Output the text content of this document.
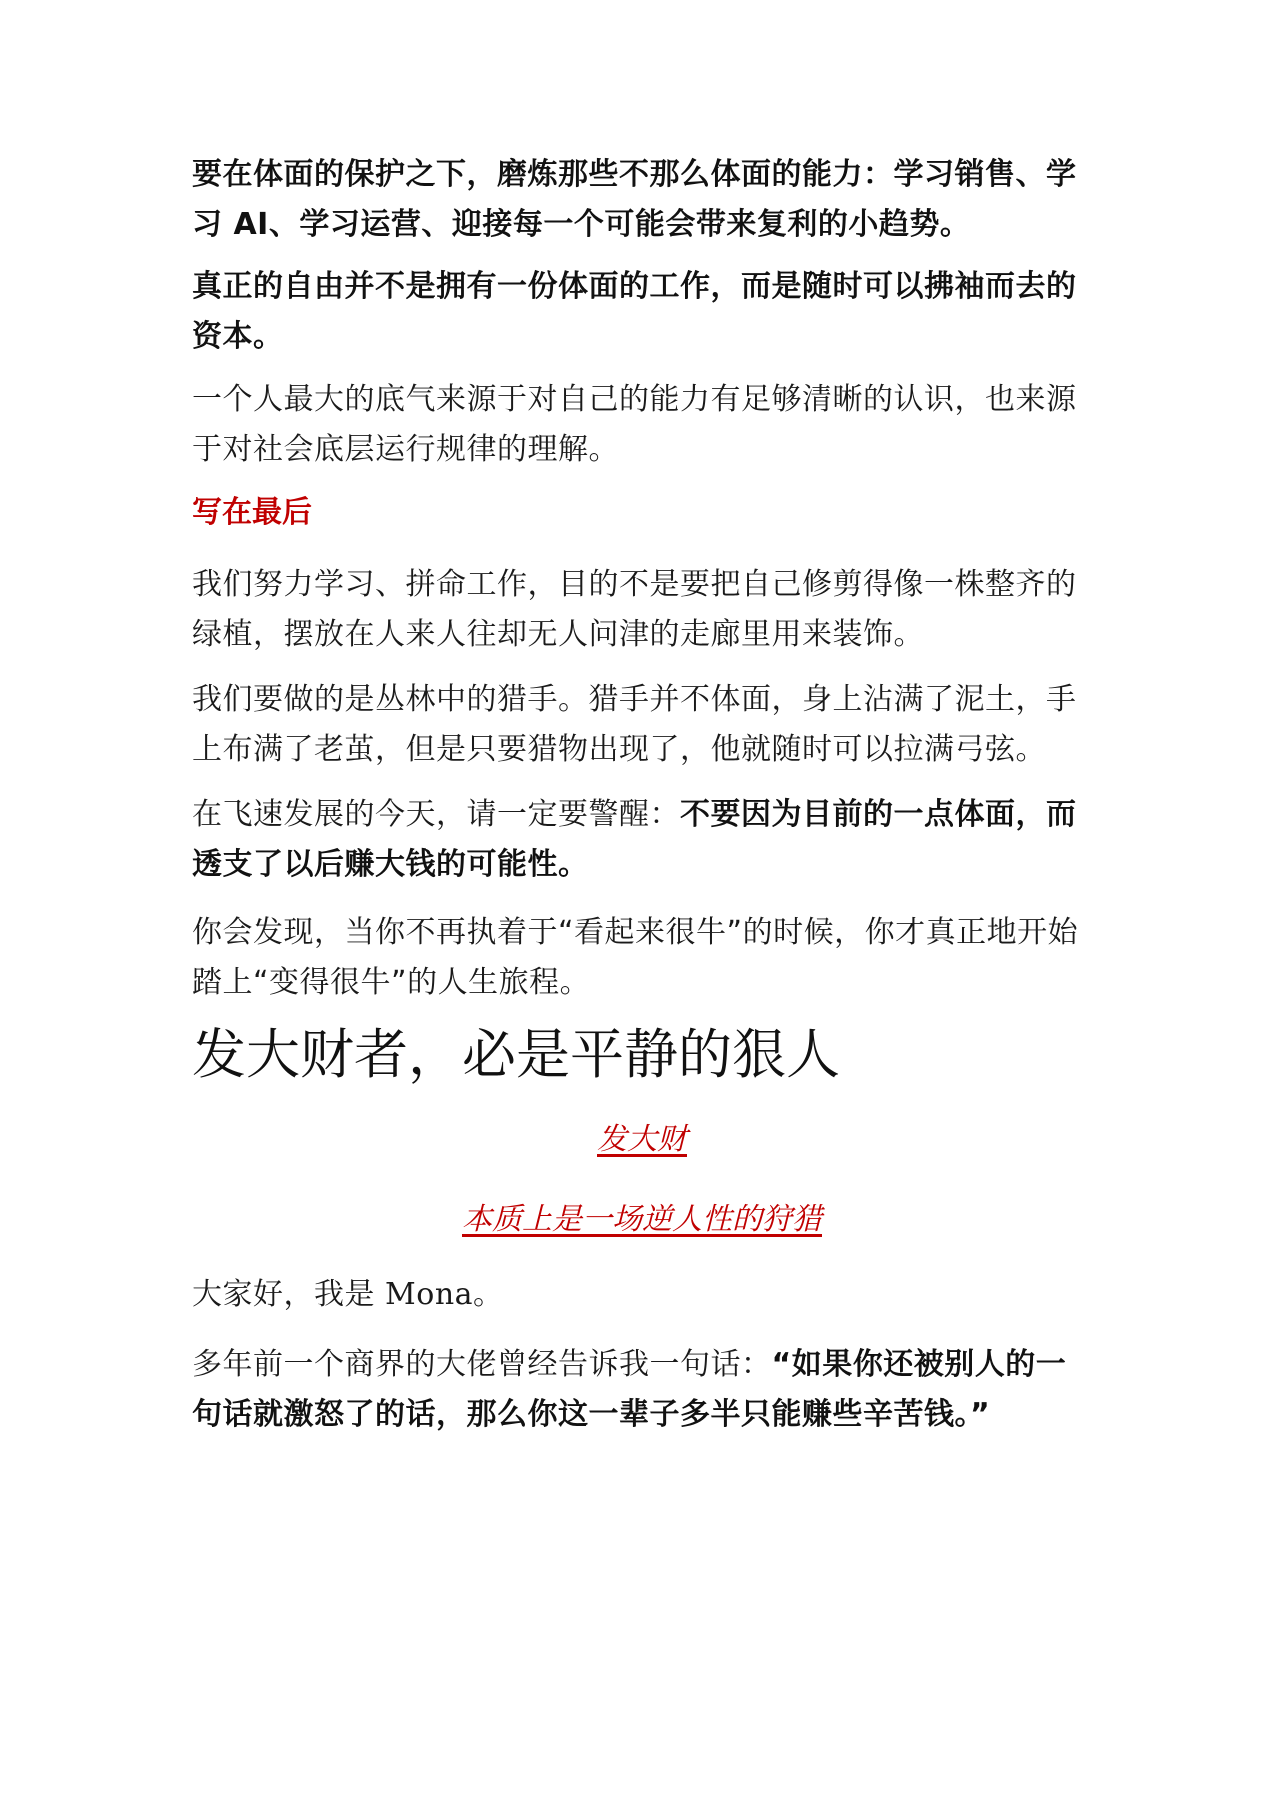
要在体面的保护之下，磨炼那些不那么体面的能力：学习销售、学习 AI、学习运营、迎接每一个可能会带来复利的小趋势。

真正的自由并不是拥有一份体面的工作，而是随时可以拂袖而去的资本。

一个人最大的底气来源于对自己的能力有足够清晰的认识，也来源于对社会底层运行规律的理解。

写在最后

我们努力学习、拼命工作，目的不是要把自己修剪得像一株整齐的绿植，摆放在人来人往却无人问津的走廊里用来装饰。

我们要做的是丛林中的猎手。猎手并不体面，身上沾满了泥土，手上布满了老茧，但是只要猎物出现了，他就随时可以拉满弓弦。

在飞速发展的今天，请一定要警醒：不要因为目前的一点体面，而透支了以后赚大钱的可能性。

你会发现，当你不再执着于“看起来很牛”的时候，你才真正地开始踏上“变得很牛”的人生旅程。

发大财者，必是平静的狠人

发大财

本质上是一场逆人性的狩猎

大家好，我是 Mona。

多年前一个商界的大佬曾经告诉我一句话：“如果你还被别人的一句话就激怒了的话，那么你这一辈子多半只能赚些辛苦钱。”
